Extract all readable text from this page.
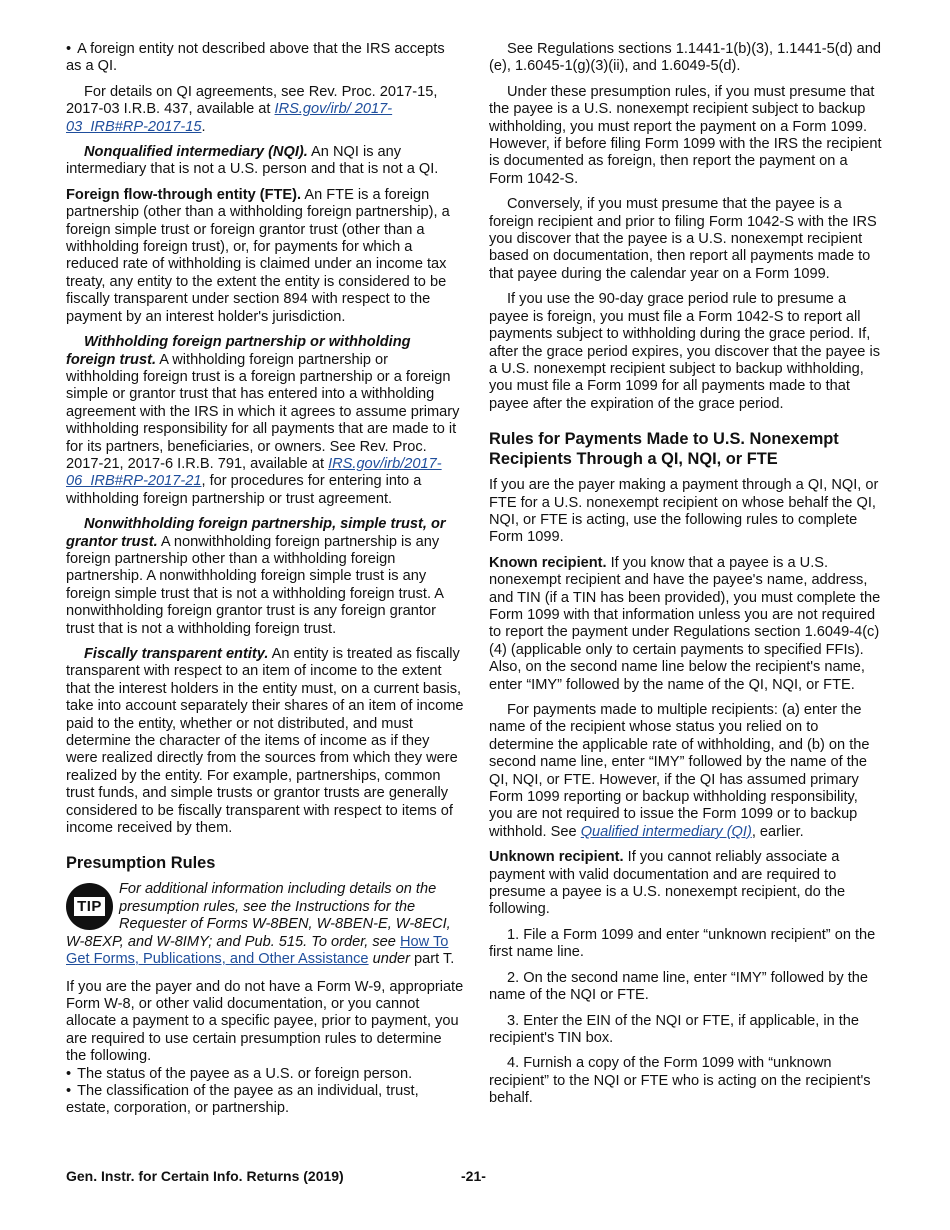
• A foreign entity not described above that the IRS accepts as a QI.

For details on QI agreements, see Rev. Proc. 2017-15, 2017-03 I.R.B. 437, available at IRS.gov/irb/ 2017-03_IRB#RP-2017-15.

Nonqualified intermediary (NQI). An NQI is any intermediary that is not a U.S. person and that is not a QI.

Foreign flow-through entity (FTE). An FTE is a foreign partnership (other than a withholding foreign partnership), a foreign simple trust or foreign grantor trust (other than a withholding foreign trust), or, for payments for which a reduced rate of withholding is claimed under an income tax treaty, any entity to the extent the entity is considered to be fiscally transparent under section 894 with respect to the payment by an interest holder's jurisdiction.

Withholding foreign partnership or withholding foreign trust. A withholding foreign partnership or withholding foreign trust is a foreign partnership or a foreign simple or grantor trust that has entered into a withholding agreement with the IRS in which it agrees to assume primary withholding responsibility for all payments that are made to it for its partners, beneficiaries, or owners. See Rev. Proc. 2017-21, 2017-6 I.R.B. 791, available at IRS.gov/irb/2017-06_IRB#RP-2017-21, for procedures for entering into a withholding foreign partnership or trust agreement.

Nonwithholding foreign partnership, simple trust, or grantor trust. A nonwithholding foreign partnership is any foreign partnership other than a withholding foreign partnership. A nonwithholding foreign simple trust is any foreign simple trust that is not a withholding foreign trust. A nonwithholding foreign grantor trust is any foreign grantor trust that is not a withholding foreign trust.

Fiscally transparent entity. An entity is treated as fiscally transparent with respect to an item of income to the extent that the interest holders in the entity must, on a current basis, take into account separately their shares of an item of income paid to the entity, whether or not distributed, and must determine the character of the items of income as if they were realized directly from the sources from which they were realized by the entity. For example, partnerships, common trust funds, and simple trusts or grantor trusts are generally considered to be fiscally transparent with respect to items of income received by them.

Presumption Rules
TIP
For additional information including details on the presumption rules, see the Instructions for the Requester of Forms W-8BEN, W-8BEN-E, W-8ECI, W-8EXP, and W-8IMY; and Pub. 515. To order, see How To Get Forms, Publications, and Other Assistance under part T.

If you are the payer and do not have a Form W-9, appropriate Form W-8, or other valid documentation, or you cannot allocate a payment to a specific payee, prior to payment, you are required to use certain presumption rules to determine the following.

• The status of the payee as a U.S. or foreign person.

• The classification of the payee as an individual, trust, estate, corporation, or partnership.

See Regulations sections 1.1441-1(b)(3), 1.1441-5(d) and (e), 1.6045-1(g)(3)(ii), and 1.6049-5(d).

Under these presumption rules, if you must presume that the payee is a U.S. nonexempt recipient subject to backup withholding, you must report the payment on a Form 1099. However, if before filing Form 1099 with the IRS the recipient is documented as foreign, then report the payment on a Form 1042-S.

Conversely, if you must presume that the payee is a foreign recipient and prior to filing Form 1042-S with the IRS you discover that the payee is a U.S. nonexempt recipient based on documentation, then report all payments made to that payee during the calendar year on a Form 1099.

If you use the 90-day grace period rule to presume a payee is foreign, you must file a Form 1042-S to report all payments subject to withholding during the grace period. If, after the grace period expires, you discover that the payee is a U.S. nonexempt recipient subject to backup withholding, you must file a Form 1099 for all payments made to that payee after the expiration of the grace period.

Rules for Payments Made to U.S. Nonexempt Recipients Through a QI, NQI, or FTE

If you are the payer making a payment through a QI, NQI, or FTE for a U.S. nonexempt recipient on whose behalf the QI, NQI, or FTE is acting, use the following rules to complete Form 1099.

Known recipient. If you know that a payee is a U.S. nonexempt recipient and have the payee's name, address, and TIN (if a TIN has been provided), you must complete the Form 1099 with that information unless you are not required to report the payment under Regulations section 1.6049-4(c)(4) (applicable only to certain payments to specified FFIs). Also, on the second name line below the recipient's name, enter “IMY” followed by the name of the QI, NQI, or FTE.

For payments made to multiple recipients: (a) enter the name of the recipient whose status you relied on to determine the applicable rate of withholding, and (b) on the second name line, enter “IMY” followed by the name of the QI, NQI, or FTE. However, if the QI has assumed primary Form 1099 reporting or backup withholding responsibility, you are not required to issue the Form 1099 or to backup withhold. See Qualified intermediary (QI), earlier.

Unknown recipient. If you cannot reliably associate a payment with valid documentation and are required to presume a payee is a U.S. nonexempt recipient, do the following.

1. File a Form 1099 and enter “unknown recipient” on the first name line.

2. On the second name line, enter “IMY” followed by the name of the NQI or FTE.

3. Enter the EIN of the NQI or FTE, if applicable, in the recipient's TIN box.

4. Furnish a copy of the Form 1099 with “unknown recipient” to the NQI or FTE who is acting on the recipient's behalf.

Gen. Instr. for Certain Info. Returns (2019)	-21-
